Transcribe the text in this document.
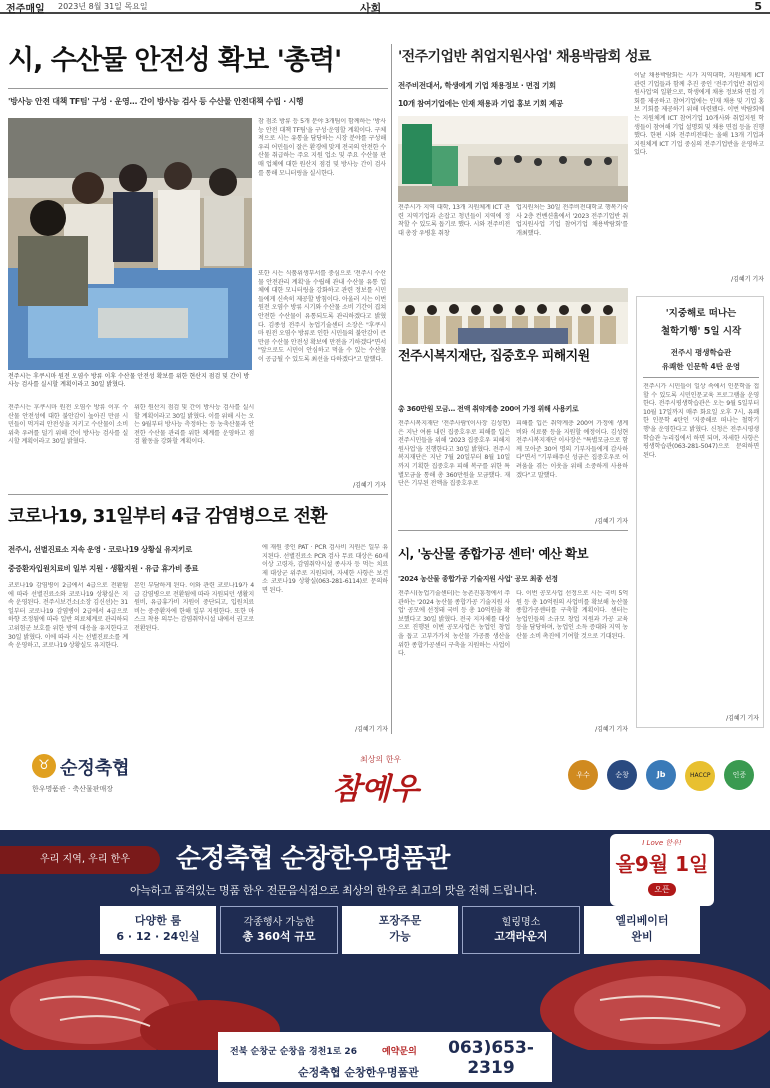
전주매일 2023년 8월 31일 목요일	사회	5
시, 수산물 안전성 확보 '총력'
'방사능 안전 대책 TF팀' 구성 · 운영… 간이 방사능 검사 등 수산물 안전대책 수립 · 시행
전주시는 후쿠시마 원전 오염수 방류 이후 수산물 안전성 확보를 위한 현산지 점검 및 간이 방사능 검사를 실시할 계획이라고 30일 밝혔다.
참 점조 방류 등 5개 분야 3개팀이 함께하는 '방사능 안전 대책 TF팀'을 구성·운영할 계획이다. 구체적으로 시는 유통을 담당하는 시장 분야를 구성해 우리 어민들이 잘은 환경에 맞게 전국의 안전한 수산물 취급하는 주요 지원 업소 및 주요 수산물 판매 업체에 대한 원산지 점검 및 방사능 간이 검사를 통해 모니터링을 실시한다.
또한 시는 식품위생부서를 중심으로 '전주시 수산물 안전관리 계획'을 수립해 관내 수산물 유통 업체에 대한 모니터링을 강화하고 관련 정보를 시민들에게 신속히 제공할 방침이다. 아울러 시는 이번 원전 오염수 방류 시기와 수산물 소비 기간이 겹쳐 안전한 수산물이 유통되도록 관리하겠다고 밝혔다. 김종성 전주시 농업기술센터 소장은 "후쿠시마 원전 오염수 방류로 인한 시민들의 불안감이 큰 만큼 수산물 안전성 확보에 만전을 기하겠다"면서 "앞으로도 시민이 안심하고 먹을 수 있는 수산물이 공급될 수 있도록 최선을 다하겠다"고 말했다.
전주시는 후쿠시마 원전 오염수 방류 이후 수산물 안전성에 대한 불안감이 높아진 만큼 시민들이 먹거리 안전성을 지키고 수산물이 소비 위축 우려를 덜기 위해 간이 방사능 검사를 실시할 계획이라고 30일 밝혔다.
위한 원산지 점검 및 간이 방사능 검사를 실시할 계획이라고 30일 밝혔다. 이를 위해 시는 오는 9월부터 방사능 측정하는 등 농축산물과 안전한 수산물 관리를 위한 체계를 운영하고 점검 활동을 강화할 계획이다.
/김혜기 기자
'전주기업반 취업지원사업' 채용박람회 성료
전주비전대서, 학생에게 기업 채용정보 · 면접 기회
10개 참여기업에는 인재 채용과 기업 홍보 기회 제공
전주시가 지역 대학, 13개 지원체계 ICT 관련 지역기업과 손잡고 청년들이 지역에 정착할 수 있도록 돕기로 했다. 시와 전주비전대 총장 우병훈 취창
업지원처는 30일 전주비전대학교 행복기숙사 2층 컨벤션홀에서 '2023 전주기업반 취업지원사업 기업 참여기업 채용박람회'를 개최했다.
이날 채용박람회는 시가 지역대학, 지원체계 ICT 관련 기업들과 함께 추진 중인 '전주기업반 취업지원사업'의 일환으로, 학생에게 채용 정보와 면접 기회를 제공하고 참여기업에는 인재 채용 및 기업 홍보 기회를 제공하기 위해 마련됐다. 이번 박람회에는 지원체계 ICT 참여기업 10개사와 취업지원 학생들이 참여해 기업 설명회 및 채용 면접 등을 진행했다. 한편 시와 전주비전대는 올해 13개 기업과 지원체계 ICT 기업 중심의 전주기업반을 운영하고 있다.
/김혜기 기자
전주시복지재단, 집중호우 피해지원
총 360만원 모금… 전액 취약계층 200여 가정 위해 사용키로
전주시복지재단 '전주사람'(이사장 김성현)은 지난 여름 내린 집중호우로 피해를 입은 전주시민들을 위해 '2023 집중호우 피해지원사업'을 진행한다고 30일 밝혔다. 전주시복지재단은 지난 7월 20일부터 8월 10일까지 기획한 집중호우 피해 복구를 위한 특별모금을 통해 총 360만원을 모금했다. 재단은 기부된 전액을 집중호우로
피해를 입은 취약계층 200여 가정에 생계비와 식료품 등을 지원할 예정이다. 김성현 전주시복지재단 이사장은 "특별모금으로 함께 모아준 30여 명의 기부자들에게 감사하다"면서 "기부해주신 성금은 집중호우로 어려움을 겪는 이웃을 위해 소중하게 사용하겠다"고 말했다.
/김혜기 기자
'지중해로 떠나는
철학기행' 5일 시작
전주시 평생학습관
유쾌한 인문학 4탄 운영
전주시가 시민들이 일상 속에서 인문학을 접할 수 있도록 시민인문교육 프로그램을 운영한다. 전주시평생학습관은 오는 9월 5일부터 10월 17일까지 매주 화요일 오후 7시, 유쾌한 인문학 4탄인 '지중해로 떠나는 철학기행'을 운영한다고 밝혔다. 신청은 전주시평생학습관 누리집에서 하면 되며, 자세한 사항은 평생학습관(063-281-5047)으로 문의하면 된다.
/김혜기 기자
코로나19, 31일부터 4급 감염병으로 전환
전주시, 선별진료소 지속 운영 · 코로나19 상황실 유지키로
중증환자입원치료비 일부 지원 · 생활지원 · 유급 휴가비 종료
코로나19 감염병이 2급에서 4급으로 전환됨에 따라 선별진료소와 코로나19 상황실은 지속 운영된다. 전주시보건소(소장 김신선)는 31일부터 코로나19 감염병이 2급에서 4급으로 하향 조정됨에 따라 일반 의료체계로 관리하되 고위험군 보호를 위한 방역 대응을 유지한다고 30일 밝혔다. 이에 따라 시는 선별진료소를 계속 운영하고, 코로나19 상황실도 유지한다.
본인 부담하게 된다. 이와 관련 코로나19가 4급 감염병으로 전환됨에 따라 지원되던 생활지원비, 유급휴가비 지원이 중단되고, 입원치료비는 중증환자에 한해 일부 지원한다. 또한 마스크 착용 의무는 감염취약시설 내에서 권고로 전환된다.
에 재원 중인 PAT · PCR 검사비 지원은 일부 유지된다. 선별진료소 PCR 검사 무료 대상은 60세 이상 고령자, 감염취약시설 종사자 등 먹는 치료제 대상군 위주로 지원되며, 자세한 사항은 보건소 코로나19 상황실(063-281-6114)로 문의하면 된다.
/김혜기 기자
시, '농산물 종합가공 센터' 예산 확보
'2024 농산물 종합가공 기술지원 사업' 공모 최종 선정
전주시(농업기술센터)는 농촌진흥청에서 주관하는 '2024 농산물 종합가공 기술지원 사업' 공모에 선정돼 국비 등 총 10억원을 확보했다고 30일 밝혔다. 전국 지자체를 대상으로 진행된 이번 공모사업은 농업인 창업을 돕고 고부가가치 농산물 가공품 생산을 위한 종합가공센터 구축을 지원하는 사업이다.
다. 이번 공모사업 선정으로 시는 국비 5억원 등 총 10억원의 사업비를 확보해 농산물 종합가공센터를 구축할 계획이다. 센터는 농업인들의 소규모 창업 지원과 가공 교육 등을 담당하며, 농업인 소득 증대와 지역 농산물 소비 촉진에 기여할 것으로 기대된다.
/김혜기 기자
♉ 순정축협
한우명품관 · 축산물판매장
최상의 한우
참예우	우수	순창	Jb	HACCP	인증
우리 지역, 우리 한우	순정축협 순창한우명품관
I Love 한우!
올9월 1일
오픈
아늑하고 품격있는 명품 한우 전문음식점으로 최상의 한우로 최고의 맛을 전해 드립니다.
다양한 룸
6 · 12 · 24인실
각종행사 가능한
총 360석 규모
포장주문
가능
힐링명소
고객라운지
엘리베이터
완비
전북 순창군 순창읍 경천1로 26	예약문의	063)653-2319
순정축협 순창한우명품관
